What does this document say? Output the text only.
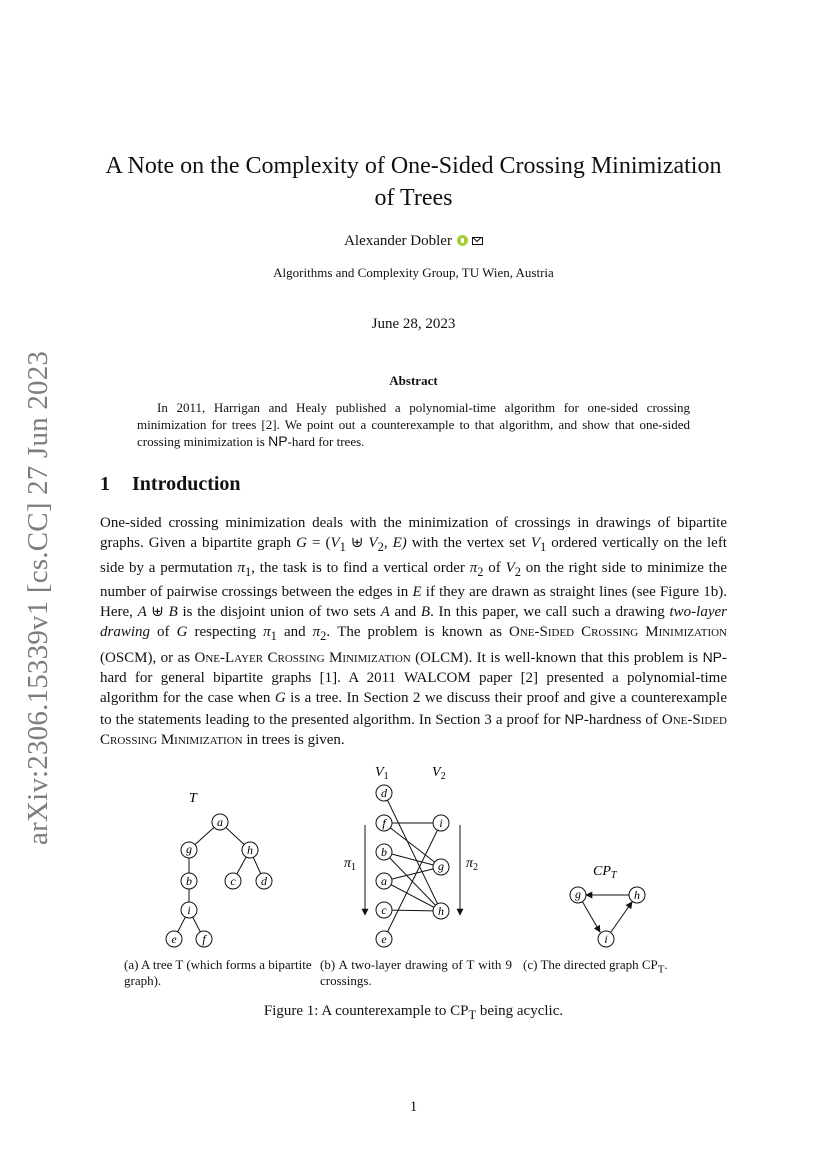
arXiv:2306.15339v1 [cs.CC] 27 Jun 2023
A Note on the Complexity of One-Sided Crossing Minimization
of Trees
Alexander Dobler
Algorithms and Complexity Group, TU Wien, Austria
June 28, 2023
Abstract
In 2011, Harrigan and Healy published a polynomial-time algorithm for one-sided crossing minimization for trees [2]. We point out a counterexample to that algorithm, and show that one-sided crossing minimization is NP-hard for trees.
1 Introduction
One-sided crossing minimization deals with the minimization of crossings in drawings of bipartite graphs. Given a bipartite graph $G = (V_1$ ⊎ $V_2$, E) with the vertex set $V_1$ ordered vertically on the left side by a permutation $\pi_1$, the task is to find a vertical order $\pi_2$ of $V_2$ on the right side to minimize the number of pairwise crossings between the edges in E if they are drawn as straight lines (see Figure 1b). Here, A ⊎ B is the disjoint union of two sets A and B. In this paper, we call such a drawing two-layer drawing of G respecting $\pi_1$ and $\pi_2$. The problem is known as One-Sided Crossing Minimization (OSCM), or as One-Layer Crossing Minimization (OLCM). It is well-known that this problem is NP-hard for general bipartite graphs [1]. A 2011 WALCOM paper [2] presented a polynomial-time algorithm for the case when G is a tree. In Section 2 we discuss their proof and give a counterexample to the statements leading to the presented algorithm. In Section 3 a proof for NP-hardness of One-Sided Crossing Minimization in trees is given.
T
a
g	h
b	c d
i
e f
$V_1$	$V_2$
$\pi_1$	$\pi_2$
d
f
b
a
c
e
i
g
h
$CP_T$
g	h
i
(a) A tree T (which forms a bipartite graph).
(b) A two-layer drawing of T with 9 crossings.
(c) The directed graph $CP_T$.
Figure 1: A counterexample to $CP_T$ being acyclic.
1
